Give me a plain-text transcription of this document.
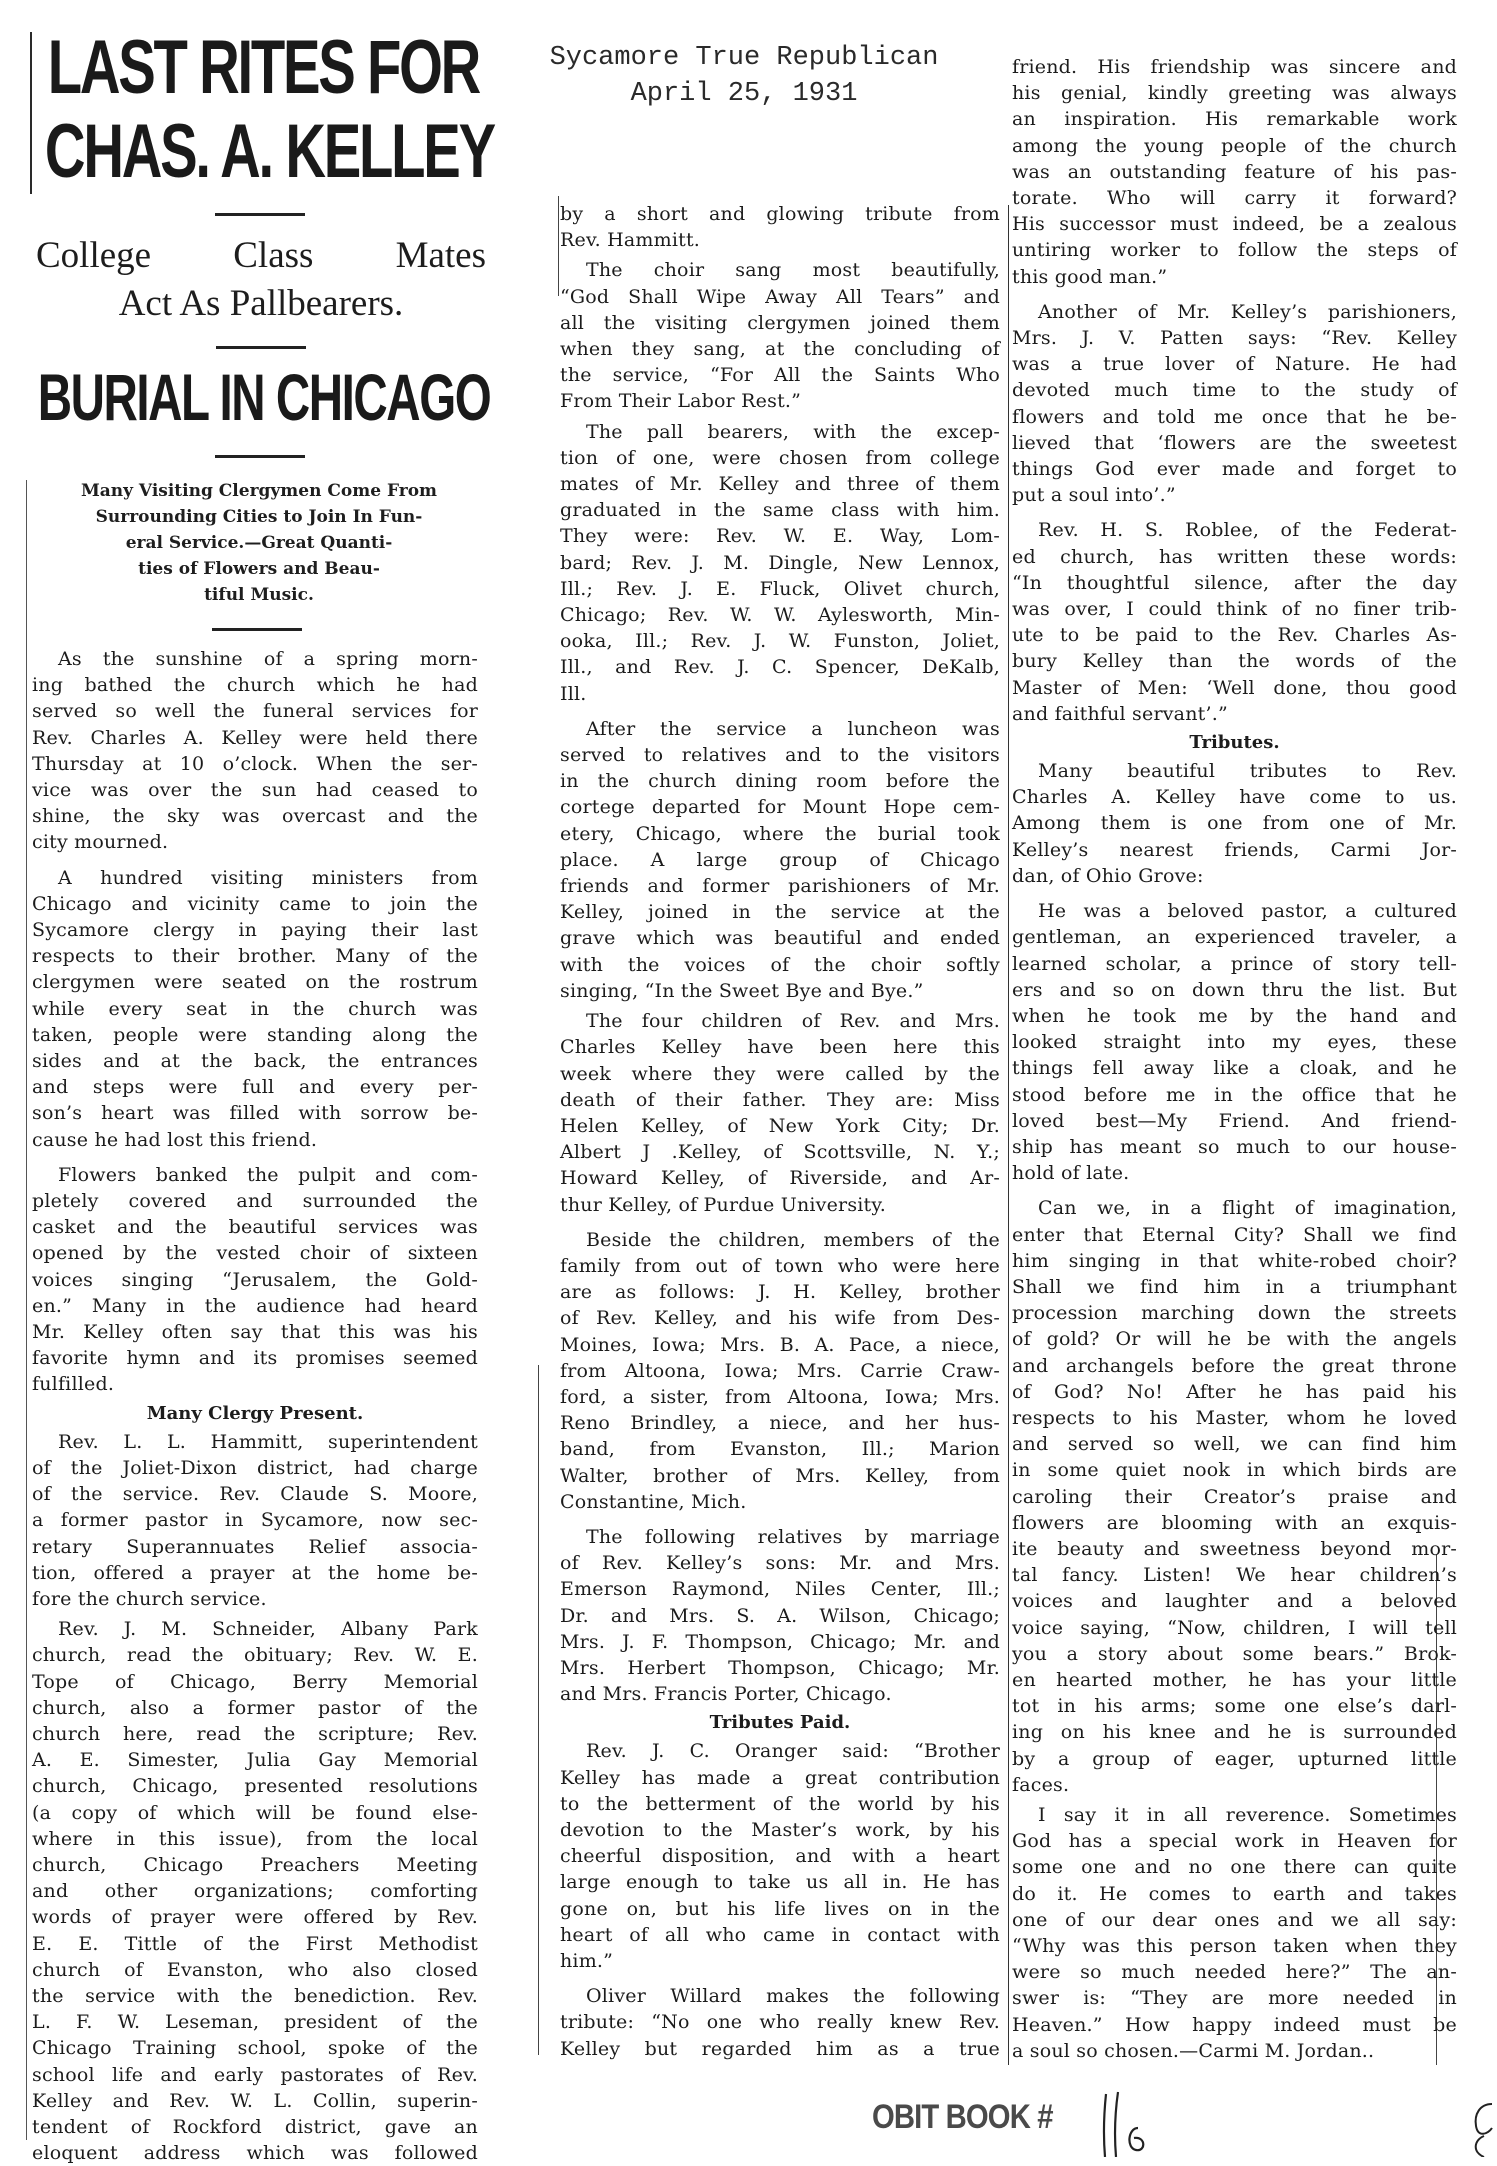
Sycamore True Republican
April 25, 1931
LAST RITES FOR
CHAS. A. KELLEY
College Class Mates
Act As Pallbearers.
BURIAL IN CHICAGO
Many Visiting Clergymen Come From
Surrounding Cities to Join In Fun-
eral Service.—Great Quanti-
ties of Flowers and Beau-
tiful Music.

As the sunshine of a spring morn-
ing bathed the church which he had
served so well the funeral services for
Rev. Charles A. Kelley were held there
Thursday at 10 o’clock. When the ser-
vice was over the sun had ceased to
shine, the sky was overcast and the
city mourned.

A hundred visiting ministers from
Chicago and vicinity came to join the
Sycamore clergy in paying their last
respects to their brother. Many of the
clergymen were seated on the rostrum
while every seat in the church was
taken, people were standing along the
sides and at the back, the entrances
and steps were full and every per-
son’s heart was filled with sorrow be-
cause he had lost this friend.

Flowers banked the pulpit and com-
pletely covered and surrounded the
casket and the beautiful services was
opened by the vested choir of sixteen
voices singing “Jerusalem, the Gold-
en.” Many in the audience had heard
Mr. Kelley often say that this was his
favorite hymn and its promises seemed
fulfilled.

Many Clergy Present.

Rev. L. L. Hammitt, superintendent
of the Joliet-Dixon district, had charge
of the service. Rev. Claude S. Moore,
a former pastor in Sycamore, now sec-
retary Superannuates Relief associa-
tion, offered a prayer at the home be-
fore the church service.

Rev. J. M. Schneider, Albany Park
church, read the obituary; Rev. W. E.
Tope of Chicago, Berry Memorial
church, also a former pastor of the
church here, read the scripture; Rev.
A. E. Simester, Julia Gay Memorial
church, Chicago, presented resolutions
(a copy of which will be found else-
where in this issue), from the local
church, Chicago Preachers Meeting
and other organizations; comforting
words of prayer were offered by Rev.
E. E. Tittle of the First Methodist
church of Evanston, who also closed
the service with the benediction. Rev.
L. F. W. Leseman, president of the
Chicago Training school, spoke of the
school life and early pastorates of Rev.
Kelley and Rev. W. L. Collin, superin-
tendent of Rockford district, gave an
eloquent address which was followed

by a short and glowing tribute from
Rev. Hammitt.

The choir sang most beautifully,
“God Shall Wipe Away All Tears” and
all the visiting clergymen joined them
when they sang, at the concluding of
the service, “For All the Saints Who
From Their Labor Rest.”

The pall bearers, with the excep-
tion of one, were chosen from college
mates of Mr. Kelley and three of them
graduated in the same class with him.
They were: Rev. W. E. Way, Lom-
bard; Rev. J. M. Dingle, New Lennox,
Ill.; Rev. J. E. Fluck, Olivet church,
Chicago; Rev. W. W. Aylesworth, Min-
ooka, Ill.; Rev. J. W. Funston, Joliet,
Ill., and Rev. J. C. Spencer, DeKalb,
Ill.

After the service a luncheon was
served to relatives and to the visitors
in the church dining room before the
cortege departed for Mount Hope cem-
etery, Chicago, where the burial took
place. A large group of Chicago
friends and former parishioners of Mr.
Kelley, joined in the service at the
grave which was beautiful and ended
with the voices of the choir softly
singing, “In the Sweet Bye and Bye.”

The four children of Rev. and Mrs.
Charles Kelley have been here this
week where they were called by the
death of their father. They are: Miss
Helen Kelley, of New York City; Dr.
Albert J .Kelley, of Scottsville, N. Y.;
Howard Kelley, of Riverside, and Ar-
thur Kelley, of Purdue University.

Beside the children, members of the
family from out of town who were here
are as follows: J. H. Kelley, brother
of Rev. Kelley, and his wife from Des-
Moines, Iowa; Mrs. B. A. Pace, a niece,
from Altoona, Iowa; Mrs. Carrie Craw-
ford, a sister, from Altoona, Iowa; Mrs.
Reno Brindley, a niece, and her hus-
band, from Evanston, Ill.; Marion
Walter, brother of Mrs. Kelley, from
Constantine, Mich.

The following relatives by marriage
of Rev. Kelley’s sons: Mr. and Mrs.
Emerson Raymond, Niles Center, Ill.;
Dr. and Mrs. S. A. Wilson, Chicago;
Mrs. J. F. Thompson, Chicago; Mr. and
Mrs. Herbert Thompson, Chicago; Mr.
and Mrs. Francis Porter, Chicago.

Tributes Paid.

Rev. J. C. Oranger said: “Brother
Kelley has made a great contribution
to the betterment of the world by his
devotion to the Master’s work, by his
cheerful disposition, and with a heart
large enough to take us all in. He has
gone on, but his life lives on in the
heart of all who came in contact with
him.”

Oliver Willard makes the following
tribute: “No one who really knew Rev.
Kelley but regarded him as a true

friend. His friendship was sincere and
his genial, kindly greeting was always
an inspiration. His remarkable work
among the young people of the church
was an outstanding feature of his pas-
torate. Who will carry it forward?
His successor must indeed, be a zealous
untiring worker to follow the steps of
this good man.”

Another of Mr. Kelley’s parishioners,
Mrs. J. V. Patten says: “Rev. Kelley
was a true lover of Nature. He had
devoted much time to the study of
flowers and told me once that he be-
lieved that ‘flowers are the sweetest
things God ever made and forget to
put a soul into’.”

Rev. H. S. Roblee, of the Federat-
ed church, has written these words:
“In thoughtful silence, after the day
was over, I could think of no finer trib-
ute to be paid to the Rev. Charles As-
bury Kelley than the words of the
Master of Men: ‘Well done, thou good
and faithful servant’.”

Tributes.

Many beautiful tributes to Rev.
Charles A. Kelley have come to us.
Among them is one from one of Mr.
Kelley’s nearest friends, Carmi Jor-
dan, of Ohio Grove:

He was a beloved pastor, a cultured
gentleman, an experienced traveler, a
learned scholar, a prince of story tell-
ers and so on down thru the list. But
when he took me by the hand and
looked straight into my eyes, these
things fell away like a cloak, and he
stood before me in the office that he
loved best—My Friend. And friend-
ship has meant so much to our house-
hold of late.

Can we, in a flight of imagination,
enter that Eternal City? Shall we find
him singing in that white-robed choir?
Shall we find him in a triumphant
procession marching down the streets
of gold? Or will he be with the angels
and archangels before the great throne
of God? No! After he has paid his
respects to his Master, whom he loved
and served so well, we can find him
in some quiet nook in which birds are
caroling their Creator’s praise and
flowers are blooming with an exquis-
ite beauty and sweetness beyond mor-
tal fancy. Listen! We hear children’s
voices and laughter and a beloved
voice saying, “Now, children, I will tell
you a story about some bears.” Brok-
en hearted mother, he has your little
tot in his arms; some one else’s darl-
ing on his knee and he is surrounded
by a group of eager, upturned little
faces.

I say it in all reverence. Sometimes
God has a special work in Heaven for
some one and no one there can quite
do it. He comes to earth and takes
one of our dear ones and we all say:
“Why was this person taken when they
were so much needed here?” The an-
swer is: “They are more needed in
Heaven.” How happy indeed must be
a soul so chosen.—Carmi M. Jordan..

OBIT BOOK #
